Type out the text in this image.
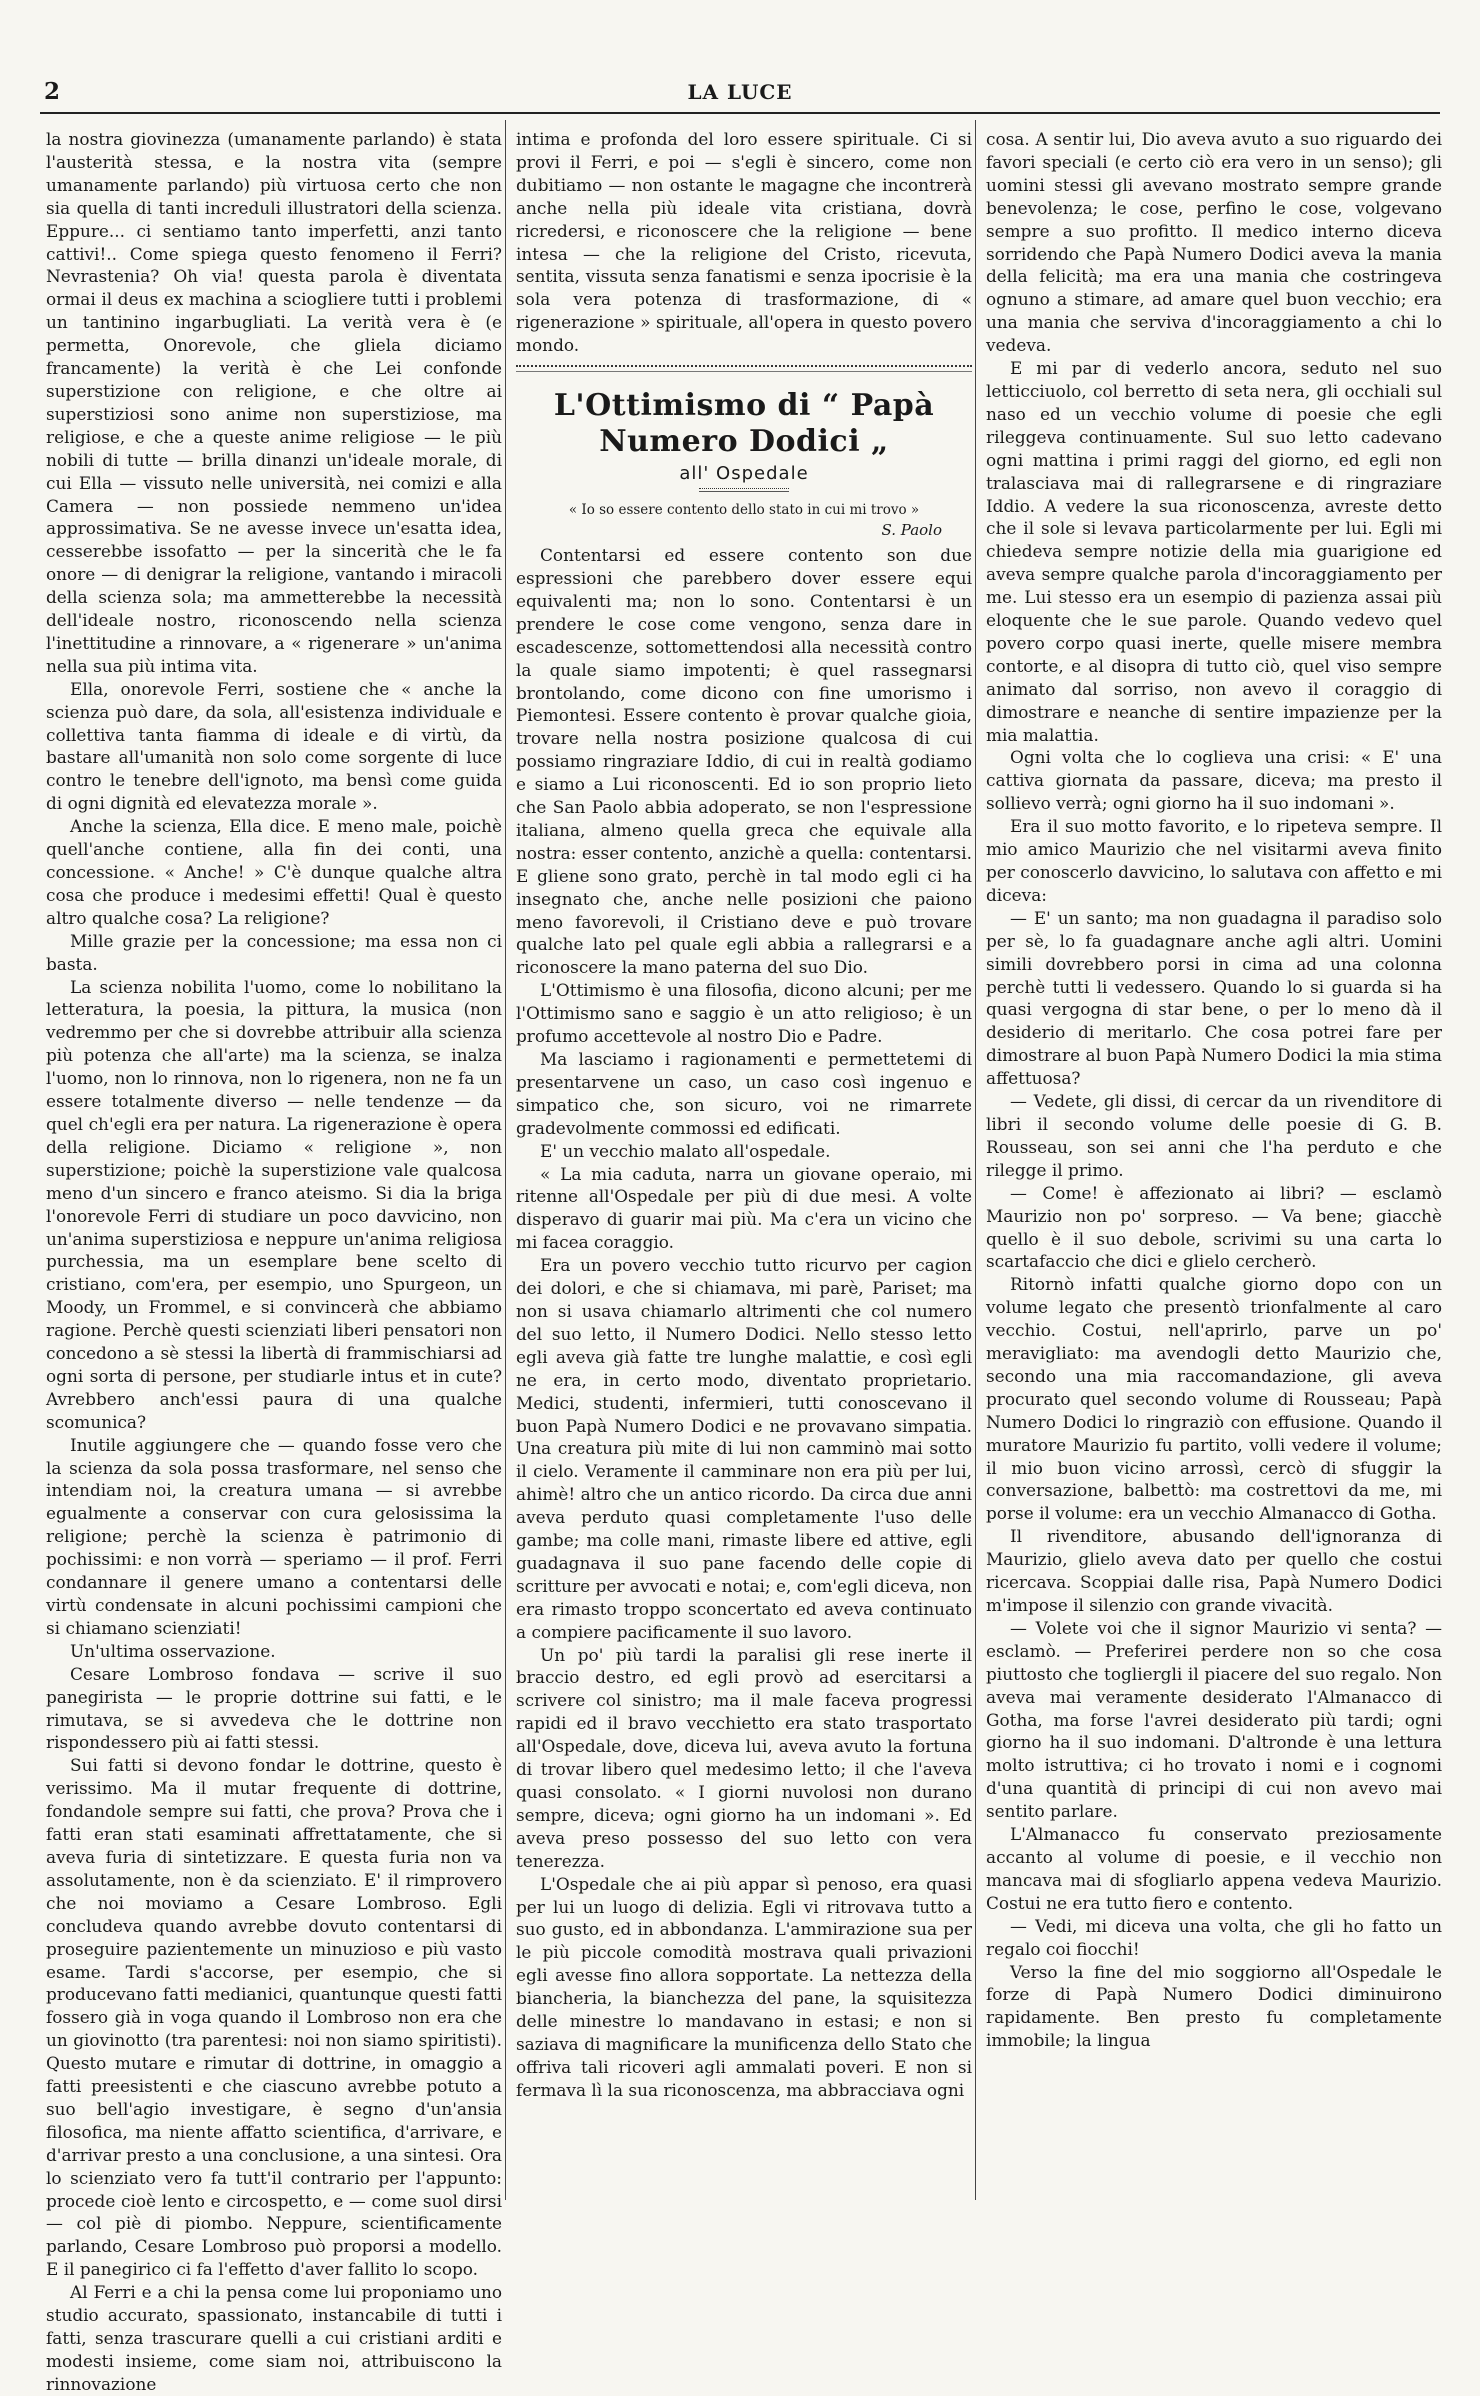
2	LA LUCE

la nostra giovinezza (umanamente parlando) è stata l'austerità stessa, e la nostra vita (sempre umanamente parlando) più virtuosa certo che non sia quella di tanti increduli illustratori della scienza. Eppure... ci sentiamo tanto imperfetti, anzi tanto cattivi!.. Come spiega questo fenomeno il Ferri? Nevrastenia? Oh via! questa parola è diventata ormai il deus ex machina a sciogliere tutti i problemi un tantinino ingarbugliati. La verità vera è (e permetta, Onorevole, che gliela diciamo francamente) la verità è che Lei confonde superstizione con religione, e che oltre ai superstiziosi sono anime non superstiziose, ma religiose, e che a queste anime religiose — le più nobili di tutte — brilla dinanzi un'ideale morale, di cui Ella — vissuto nelle università, nei comizi e alla Camera — non possiede nemmeno un'idea approssimativa. Se ne avesse invece un'esatta idea, cesserebbe issofatto — per la sincerità che le fa onore — di denigrar la religione, vantando i miracoli della scienza sola; ma ammetterebbe la necessità dell'ideale nostro, riconoscendo nella scienza l'inettitudine a rinnovare, a « rigenerare » un'anima nella sua più intima vita.

Ella, onorevole Ferri, sostiene che « anche la scienza può dare, da sola, all'esistenza individuale e collettiva tanta fiamma di ideale e di virtù, da bastare all'umanità non solo come sorgente di luce contro le tenebre dell'ignoto, ma bensì come guida di ogni dignità ed elevatezza morale ».

Anche la scienza, Ella dice. E meno male, poichè quell'anche contiene, alla fin dei conti, una concessione. « Anche! » C'è dunque qualche altra cosa che produce i medesimi effetti! Qual è questo altro qualche cosa? La religione?

Mille grazie per la concessione; ma essa non ci basta.

La scienza nobilita l'uomo, come lo nobilitano la letteratura, la poesia, la pittura, la musica (non vedremmo per che si dovrebbe attribuir alla scienza più potenza che all'arte) ma la scienza, se inalza l'uomo, non lo rinnova, non lo rigenera, non ne fa un essere totalmente diverso — nelle tendenze — da quel ch'egli era per natura. La rigenerazione è opera della religione. Diciamo « religione », non superstizione; poichè la superstizione vale qualcosa meno d'un sincero e franco ateismo. Si dia la briga l'onorevole Ferri di studiare un poco davvicino, non un'anima superstiziosa e neppure un'anima religiosa purchessia, ma un esemplare bene scelto di cristiano, com'era, per esempio, uno Spurgeon, un Moody, un Frommel, e si convincerà che abbiamo ragione. Perchè questi scienziati liberi pensatori non concedono a sè stessi la libertà di frammischiarsi ad ogni sorta di persone, per studiarle intus et in cute? Avrebbero anch'essi paura di una qualche scomunica?

Inutile aggiungere che — quando fosse vero che la scienza da sola possa trasformare, nel senso che intendiam noi, la creatura umana — si avrebbe egualmente a conservar con cura gelosissima la religione; perchè la scienza è patrimonio di pochissimi: e non vorrà — speriamo — il prof. Ferri condannare il genere umano a contentarsi delle virtù condensate in alcuni pochissimi campioni che si chiamano scienziati!

Un'ultima osservazione.

Cesare Lombroso fondava — scrive il suo panegirista — le proprie dottrine sui fatti, e le rimutava, se si avvedeva che le dottrine non rispondessero più ai fatti stessi.

Sui fatti si devono fondar le dottrine, questo è verissimo. Ma il mutar frequente di dottrine, fondandole sempre sui fatti, che prova? Prova che i fatti eran stati esaminati affrettatamente, che si aveva furia di sintetizzare. E questa furia non va assolutamente, non è da scienziato. E' il rimprovero che noi moviamo a Cesare Lombroso. Egli concludeva quando avrebbe dovuto contentarsi di proseguire pazientemente un minuzioso e più vasto esame. Tardi s'accorse, per esempio, che si producevano fatti medianici, quantunque questi fatti fossero già in voga quando il Lombroso non era che un giovinotto (tra parentesi: noi non siamo spiritisti). Questo mutare e rimutar di dottrine, in omaggio a fatti preesistenti e che ciascuno avrebbe potuto a suo bell'agio investigare, è segno d'un'ansia filosofica, ma niente affatto scientifica, d'arrivare, e d'arrivar presto a una conclusione, a una sintesi. Ora lo scienziato vero fa tutt'il contrario per l'appunto: procede cioè lento e circospetto, e — come suol dirsi — col piè di piombo. Neppure, scientificamente parlando, Cesare Lombroso può proporsi a modello. E il panegirico ci fa l'effetto d'aver fallito lo scopo.

Al Ferri e a chi la pensa come lui proponiamo uno studio accurato, spassionato, instancabile di tutti i fatti, senza trascurare quelli a cui cristiani arditi e modesti insieme, come siam noi, attribuiscono la rinnovazione

intima e profonda del loro essere spirituale. Ci si provi il Ferri, e poi — s'egli è sincero, come non dubitiamo — non ostante le magagne che incontrerà anche nella più ideale vita cristiana, dovrà ricredersi, e riconoscere che la religione — bene intesa — che la religione del Cristo, ricevuta, sentita, vissuta senza fanatismi e senza ipocrisie è la sola vera potenza di trasformazione, di « rigenerazione » spirituale, all'opera in questo povero mondo.

L'Ottimismo di “ Papà Numero Dodici „
all' Ospedale
« Io so essere contento dello stato in cui mi trovo »
S. Paolo

Contentarsi ed essere contento son due espressioni che parebbero dover essere equi equivalenti ma; non lo sono. Contentarsi è un prendere le cose come vengono, senza dare in escadescenze, sottomettendosi alla necessità contro la quale siamo impotenti; è quel rassegnarsi brontolando, come dicono con fine umorismo i Piemontesi. Essere contento è provar qualche gioia, trovare nella nostra posizione qualcosa di cui possiamo ringraziare Iddio, di cui in realtà godiamo e siamo a Lui riconoscenti. Ed io son proprio lieto che San Paolo abbia adoperato, se non l'espressione italiana, almeno quella greca che equivale alla nostra: esser contento, anzichè a quella: contentarsi. E gliene sono grato, perchè in tal modo egli ci ha insegnato che, anche nelle posizioni che paiono meno favorevoli, il Cristiano deve e può trovare qualche lato pel quale egli abbia a rallegrarsi e a riconoscere la mano paterna del suo Dio.

L'Ottimismo è una filosofia, dicono alcuni; per me l'Ottimismo sano e saggio è un atto religioso; è un profumo accettevole al nostro Dio e Padre.

Ma lasciamo i ragionamenti e permettetemi di presentarvene un caso, un caso così ingenuo e simpatico che, son sicuro, voi ne rimarrete gradevolmente commossi ed edificati.

E' un vecchio malato all'ospedale.

« La mia caduta, narra un giovane operaio, mi ritenne all'Ospedale per più di due mesi. A volte disperavo di guarir mai più. Ma c'era un vicino che mi facea coraggio.

Era un povero vecchio tutto ricurvo per cagion dei dolori, e che si chiamava, mi parè, Pariset; ma non si usava chiamarlo altrimenti che col numero del suo letto, il Numero Dodici. Nello stesso letto egli aveva già fatte tre lunghe malattie, e così egli ne era, in certo modo, diventato proprietario. Medici, studenti, infermieri, tutti conoscevano il buon Papà Numero Dodici e ne provavano simpatia. Una creatura più mite di lui non camminò mai sotto il cielo. Veramente il camminare non era più per lui, ahimè! altro che un antico ricordo. Da circa due anni aveva perduto quasi completamente l'uso delle gambe; ma colle mani, rimaste libere ed attive, egli guadagnava il suo pane facendo delle copie di scritture per avvocati e notai; e, com'egli diceva, non era rimasto troppo sconcertato ed aveva continuato a compiere pacificamente il suo lavoro.

Un po' più tardi la paralisi gli rese inerte il braccio destro, ed egli provò ad esercitarsi a scrivere col sinistro; ma il male faceva progressi rapidi ed il bravo vecchietto era stato trasportato all'Ospedale, dove, diceva lui, aveva avuto la fortuna di trovar libero quel medesimo letto; il che l'aveva quasi consolato. « I giorni nuvolosi non durano sempre, diceva; ogni giorno ha un indomani ». Ed aveva preso possesso del suo letto con vera tenerezza.

L'Ospedale che ai più appar sì penoso, era quasi per lui un luogo di delizia. Egli vi ritrovava tutto a suo gusto, ed in abbondanza. L'ammirazione sua per le più piccole comodità mostrava quali privazioni egli avesse fino allora sopportate. La nettezza della biancheria, la bianchezza del pane, la squisitezza delle minestre lo mandavano in estasi; e non si saziava di magnificare la munificenza dello Stato che offriva tali ricoveri agli ammalati poveri. E non si fermava lì la sua riconoscenza, ma abbracciava ogni

cosa. A sentir lui, Dio aveva avuto a suo riguardo dei favori speciali (e certo ciò era vero in un senso); gli uomini stessi gli avevano mostrato sempre grande benevolenza; le cose, perfino le cose, volgevano sempre a suo profitto. Il medico interno diceva sorridendo che Papà Numero Dodici aveva la mania della felicità; ma era una mania che costringeva ognuno a stimare, ad amare quel buon vecchio; era una mania che serviva d'incoraggiamento a chi lo vedeva.

E mi par di vederlo ancora, seduto nel suo letticciuolo, col berretto di seta nera, gli occhiali sul naso ed un vecchio volume di poesie che egli rileggeva continuamente. Sul suo letto cadevano ogni mattina i primi raggi del giorno, ed egli non tralasciava mai di rallegrarsene e di ringraziare Iddio. A vedere la sua riconoscenza, avreste detto che il sole si levava particolarmente per lui. Egli mi chiedeva sempre notizie della mia guarigione ed aveva sempre qualche parola d'incoraggiamento per me. Lui stesso era un esempio di pazienza assai più eloquente che le sue parole. Quando vedevo quel povero corpo quasi inerte, quelle misere membra contorte, e al disopra di tutto ciò, quel viso sempre animato dal sorriso, non avevo il coraggio di dimostrare e neanche di sentire impazienze per la mia malattia.

Ogni volta che lo coglieva una crisi: « E' una cattiva giornata da passare, diceva; ma presto il sollievo verrà; ogni giorno ha il suo indomani ».

Era il suo motto favorito, e lo ripeteva sempre. Il mio amico Maurizio che nel visitarmi aveva finito per conoscerlo davvicino, lo salutava con affetto e mi diceva:

— E' un santo; ma non guadagna il paradiso solo per sè, lo fa guadagnare anche agli altri. Uomini simili dovrebbero porsi in cima ad una colonna perchè tutti li vedessero. Quando lo si guarda si ha quasi vergogna di star bene, o per lo meno dà il desiderio di meritarlo. Che cosa potrei fare per dimostrare al buon Papà Numero Dodici la mia stima affettuosa?

— Vedete, gli dissi, di cercar da un rivenditore di libri il secondo volume delle poesie di G. B. Rousseau, son sei anni che l'ha perduto e che rilegge il primo.

— Come! è affezionato ai libri? — esclamò Maurizio non po' sorpreso. — Va bene; giacchè quello è il suo debole, scrivimi su una carta lo scartafaccio che dici e glielo cercherò.

Ritornò infatti qualche giorno dopo con un volume legato che presentò trionfalmente al caro vecchio. Costui, nell'aprirlo, parve un po' meravigliato: ma avendogli detto Maurizio che, secondo una mia raccomandazione, gli aveva procurato quel secondo volume di Rousseau; Papà Numero Dodici lo ringraziò con effusione. Quando il muratore Maurizio fu partito, volli vedere il volume; il mio buon vicino arrossì, cercò di sfuggir la conversazione, balbettò: ma costrettovi da me, mi porse il volume: era un vecchio Almanacco di Gotha.

Il rivenditore, abusando dell'ignoranza di Maurizio, glielo aveva dato per quello che costui ricercava. Scoppiai dalle risa, Papà Numero Dodici m'impose il silenzio con grande vivacità.

— Volete voi che il signor Maurizio vi senta? — esclamò. — Preferirei perdere non so che cosa piuttosto che togliergli il piacere del suo regalo. Non aveva mai veramente desiderato l'Almanacco di Gotha, ma forse l'avrei desiderato più tardi; ogni giorno ha il suo indomani. D'altronde è una lettura molto istruttiva; ci ho trovato i nomi e i cognomi d'una quantità di principi di cui non avevo mai sentito parlare.

L'Almanacco fu conservato preziosamente accanto al volume di poesie, e il vecchio non mancava mai di sfogliarlo appena vedeva Maurizio. Costui ne era tutto fiero e contento.

— Vedi, mi diceva una volta, che gli ho fatto un regalo coi fiocchi!

Verso la fine del mio soggiorno all'Ospedale le forze di Papà Numero Dodici diminuirono rapidamente. Ben presto fu completamente immobile; la lingua
